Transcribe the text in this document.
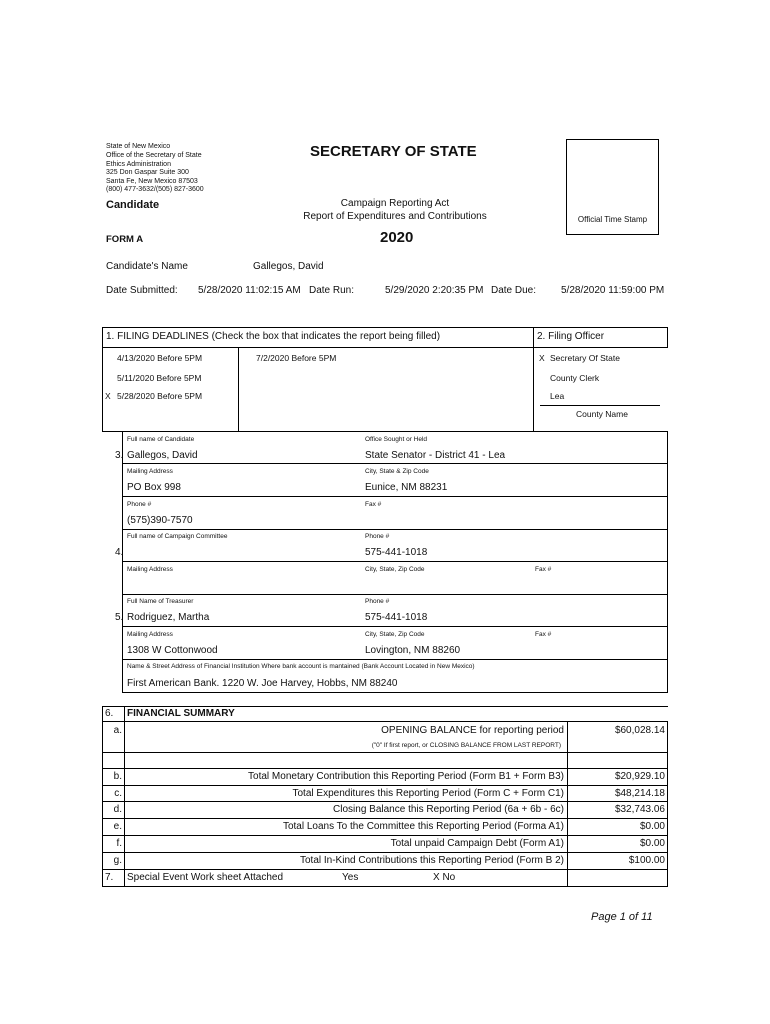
State of New Mexico
Office of the Secretary of State
Ethics Administration
325 Don Gaspar Suite 300
Santa Fe, New Mexico 87503
(800) 477-3632/(505) 827-3600
SECRETARY OF STATE
Candidate	Campaign Reporting Act
Report of Expenditures and Contributions	Official Time Stamp
FORM A	2020
Candidate's Name	Gallegos, David
Date Submitted: 5/28/2020 11:02:15 AM Date Run:	5/29/2020 2:20:35 PM Date Due: 5/28/2020 11:59:00 PM
1. FILING DEADLINES (Check the box that indicates the report being filled)	2. Filing Officer
4/13/2020 Before 5PM
5/11/2020 Before 5PM
X 5/28/2020 Before 5PM
7/2/2020 Before 5PM	X Secretary Of State
County Clerk
Lea
County Name
Full name of Candidate	Office Sought or Held
3. Gallegos, David	State Senator - District 41 - Lea
Mailing Address	City, State & Zip Code
PO Box 998	Eunice, NM 88231
Phone #	Fax #
(575)390-7570
Full name of Campaign Committee	Phone #
4.	575-441-1018
Mailing Address	City, State, Zip Code	Fax #
Full Name of Treasurer	Phone #
5. Rodriguez, Martha	575-441-1018
Mailing Address	City, State, Zip Code	Fax #
1308 W Cottonwood	Lovington, NM 88260
Name & Street Address of Financial Institution Where bank account is mantained (Bank Account Located in New Mexico)
First American Bank. 1220 W. Joe Harvey, Hobbs, NM 88240
6. FINANCIAL SUMMARY
a.	OPENING BALANCE for reporting period	$60,028.14
("0" If first report, or CLOSING BALANCE FROM LAST REPORT)
b.	Total Monetary Contribution this Reporting Period (Form B1 + Form B3)	$20,929.10
c.	Total Expenditures this Reporting Period (Form C + Form C1)	$48,214.18
d.	Closing Balance this Reporting Period (6a + 6b - 6c)	$32,743.06
e.	Total Loans To the Committee this Reporting Period (Forma A1)	$0.00
f.	Total unpaid Campaign Debt (Form A1)	$0.00
g.	Total In-Kind Contributions this Reporting Period (Form B 2)	$100.00
7. Special Event Work sheet Attached	Yes	X No
Page 1 of 11
